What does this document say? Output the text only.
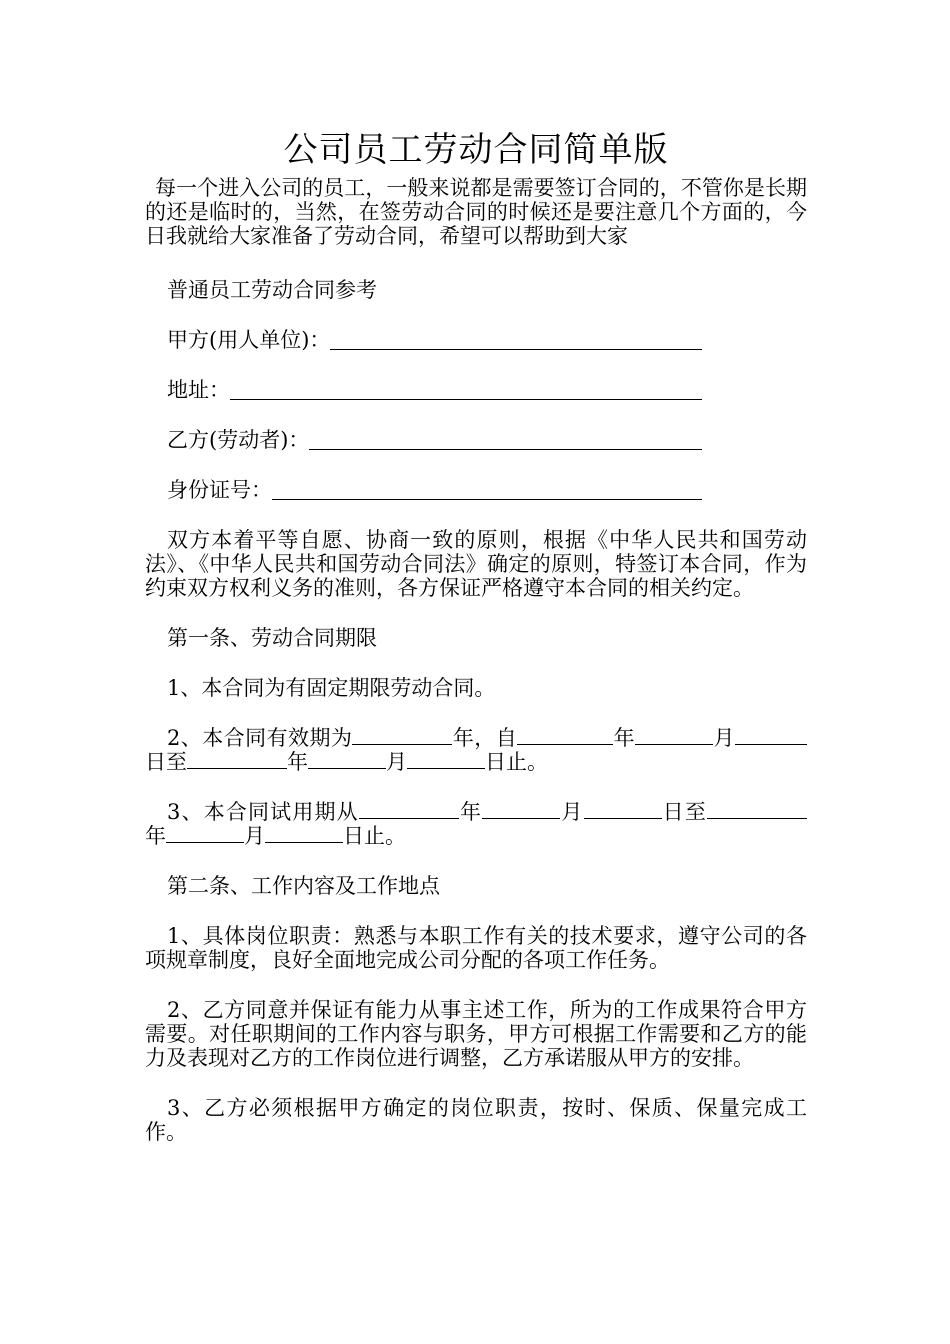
公司员工劳动合同简单版

每一个进入公司的员工，一般来说都是需要签订合同的，不管你是长期的还是临时的，当然，在签劳动合同的时候还是要注意几个方面的，今日我就给大家准备了劳动合同，希望可以帮助到大家

普通员工劳动合同参考

甲方(用人单位)：
地址：
乙方(劳动者)：
身份证号：

双方本着平等自愿、协商一致的原则，根据《中华人民共和国劳动法》、《中华人民共和国劳动合同法》确定的原则，特签订本合同，作为约束双方权利义务的准则，各方保证严格遵守本合同的相关约定。

第一条、劳动合同期限

1、本合同为有固定期限劳动合同。

2、本合同有效期为	年，自	年	月日至	年	月	日止。

3、本合同试用期从	年	月	日至年	月	日止。

第二条、工作内容及工作地点

1、具体岗位职责：熟悉与本职工作有关的技术要求，遵守公司的各项规章制度，良好全面地完成公司分配的各项工作任务。

2、乙方同意并保证有能力从事主述工作，所为的工作成果符合甲方需要。对任职期间的工作内容与职务，甲方可根据工作需要和乙方的能力及表现对乙方的工作岗位进行调整，乙方承诺服从甲方的安排。

3、乙方必须根据甲方确定的岗位职责，按时、保质、保量完成工作。
